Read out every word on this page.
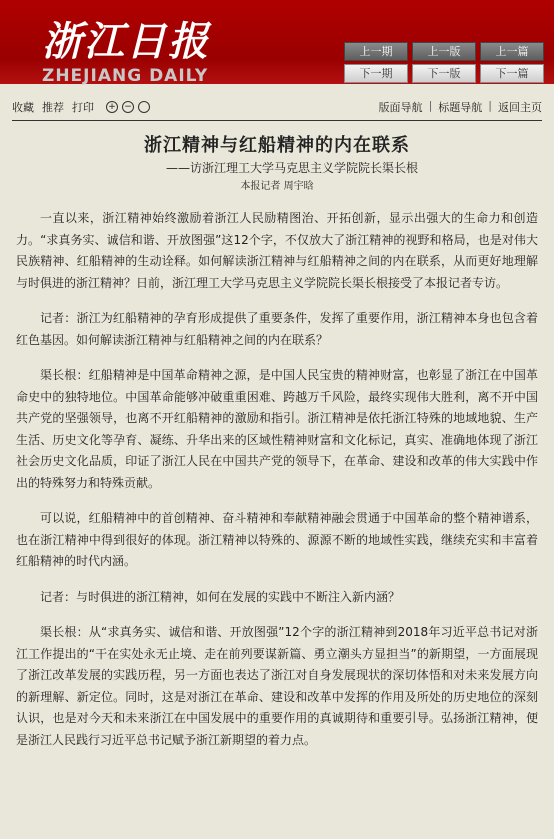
浙江日报
ZHEJIANG DAILY
上一期	上一版	上一篇
下一期	下一版	下一篇
收藏 推荐 打印 + −	版面导航 | 标题导航 | 返回主页
浙江精神与红船精神的内在联系
——访浙江理工大学马克思主义学院院长渠长根
本报记者 周宇晗

一直以来，浙江精神始终激励着浙江人民励精图治、开拓创新，显示出强大的生命力和创造力。“求真务实、诚信和谐、开放图强”这12个字，不仅放大了浙江精神的视野和格局，也是对伟大民族精神、红船精神的生动诠释。如何解读浙江精神与红船精神之间的内在联系，从而更好地理解与时俱进的浙江精神？日前，浙江理工大学马克思主义学院院长渠长根接受了本报记者专访。

记者：浙江为红船精神的孕育形成提供了重要条件，发挥了重要作用，浙江精神本身也包含着红色基因。如何解读浙江精神与红船精神之间的内在联系？

渠长根：红船精神是中国革命精神之源，是中国人民宝贵的精神财富，也彰显了浙江在中国革命史中的独特地位。中国革命能够冲破重重困难、跨越万千风险，最终实现伟大胜利，离不开中国共产党的坚强领导，也离不开红船精神的激励和指引。浙江精神是依托浙江特殊的地域地貌、生产生活、历史文化等孕育、凝练、升华出来的区域性精神财富和文化标记，真实、准确地体现了浙江社会历史文化品质，印证了浙江人民在中国共产党的领导下，在革命、建设和改革的伟大实践中作出的特殊努力和特殊贡献。

可以说，红船精神中的首创精神、奋斗精神和奉献精神融会贯通于中国革命的整个精神谱系，也在浙江精神中得到很好的体现。浙江精神以特殊的、源源不断的地域性实践，继续充实和丰富着红船精神的时代内涵。

记者：与时俱进的浙江精神，如何在发展的实践中不断注入新内涵？

渠长根：从“求真务实、诚信和谐、开放图强”12个字的浙江精神到2018年习近平总书记对浙江工作提出的“干在实处永无止境、走在前列要谋新篇、勇立潮头方显担当”的新期望，一方面展现了浙江改革发展的实践历程，另一方面也表达了浙江对自身发展现状的深切体悟和对未来发展方向的新理解、新定位。同时，这是对浙江在革命、建设和改革中发挥的作用及所处的历史地位的深刻认识，也是对今天和未来浙江在中国发展中的重要作用的真诚期待和重要引导。弘扬浙江精神，便是浙江人民践行习近平总书记赋予浙江新期望的着力点。
